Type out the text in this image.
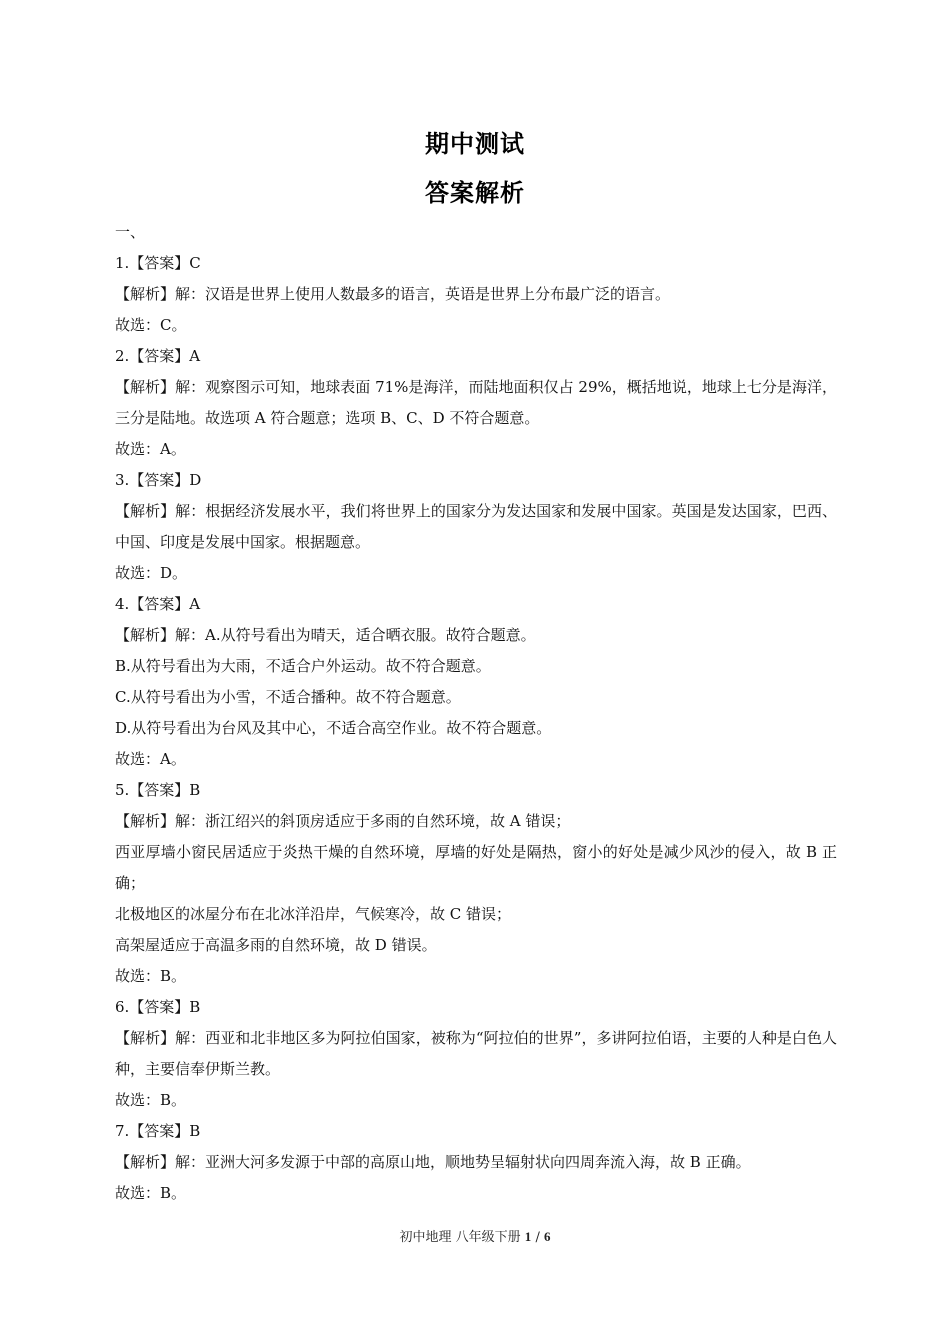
期中测试
答案解析
一、
1.【答案】C
【解析】解：汉语是世界上使用人数最多的语言，英语是世界上分布最广泛的语言。
故选：C。
2.【答案】A
【解析】解：观察图示可知，地球表面 71%是海洋，而陆地面积仅占 29%，概括地说，地球上七分是海洋，三分是陆地。故选项 A 符合题意；选项 B、C、D 不符合题意。
故选：A。
3.【答案】D
【解析】解：根据经济发展水平，我们将世界上的国家分为发达国家和发展中国家。英国是发达国家，巴西、中国、印度是发展中国家。根据题意。
故选：D。
4.【答案】A
【解析】解：A.从符号看出为晴天，适合晒衣服。故符合题意。
B.从符号看出为大雨，不适合户外运动。故不符合题意。
C.从符号看出为小雪，不适合播种。故不符合题意。
D.从符号看出为台风及其中心，不适合高空作业。故不符合题意。
故选：A。
5.【答案】B
【解析】解：浙江绍兴的斜顶房适应于多雨的自然环境，故 A 错误；
西亚厚墙小窗民居适应于炎热干燥的自然环境，厚墙的好处是隔热，窗小的好处是减少风沙的侵入，故 B 正确；
北极地区的冰屋分布在北冰洋沿岸，气候寒冷，故 C 错误；
高架屋适应于高温多雨的自然环境，故 D 错误。
故选：B。
6.【答案】B
【解析】解：西亚和北非地区多为阿拉伯国家，被称为“阿拉伯的世界”，多讲阿拉伯语，主要的人种是白色人种，主要信奉伊斯兰教。
故选：B。
7.【答案】B
【解析】解：亚洲大河多发源于中部的高原山地，顺地势呈辐射状向四周奔流入海，故 B 正确。
故选：B。
初中地理 八年级下册 1 / 6
